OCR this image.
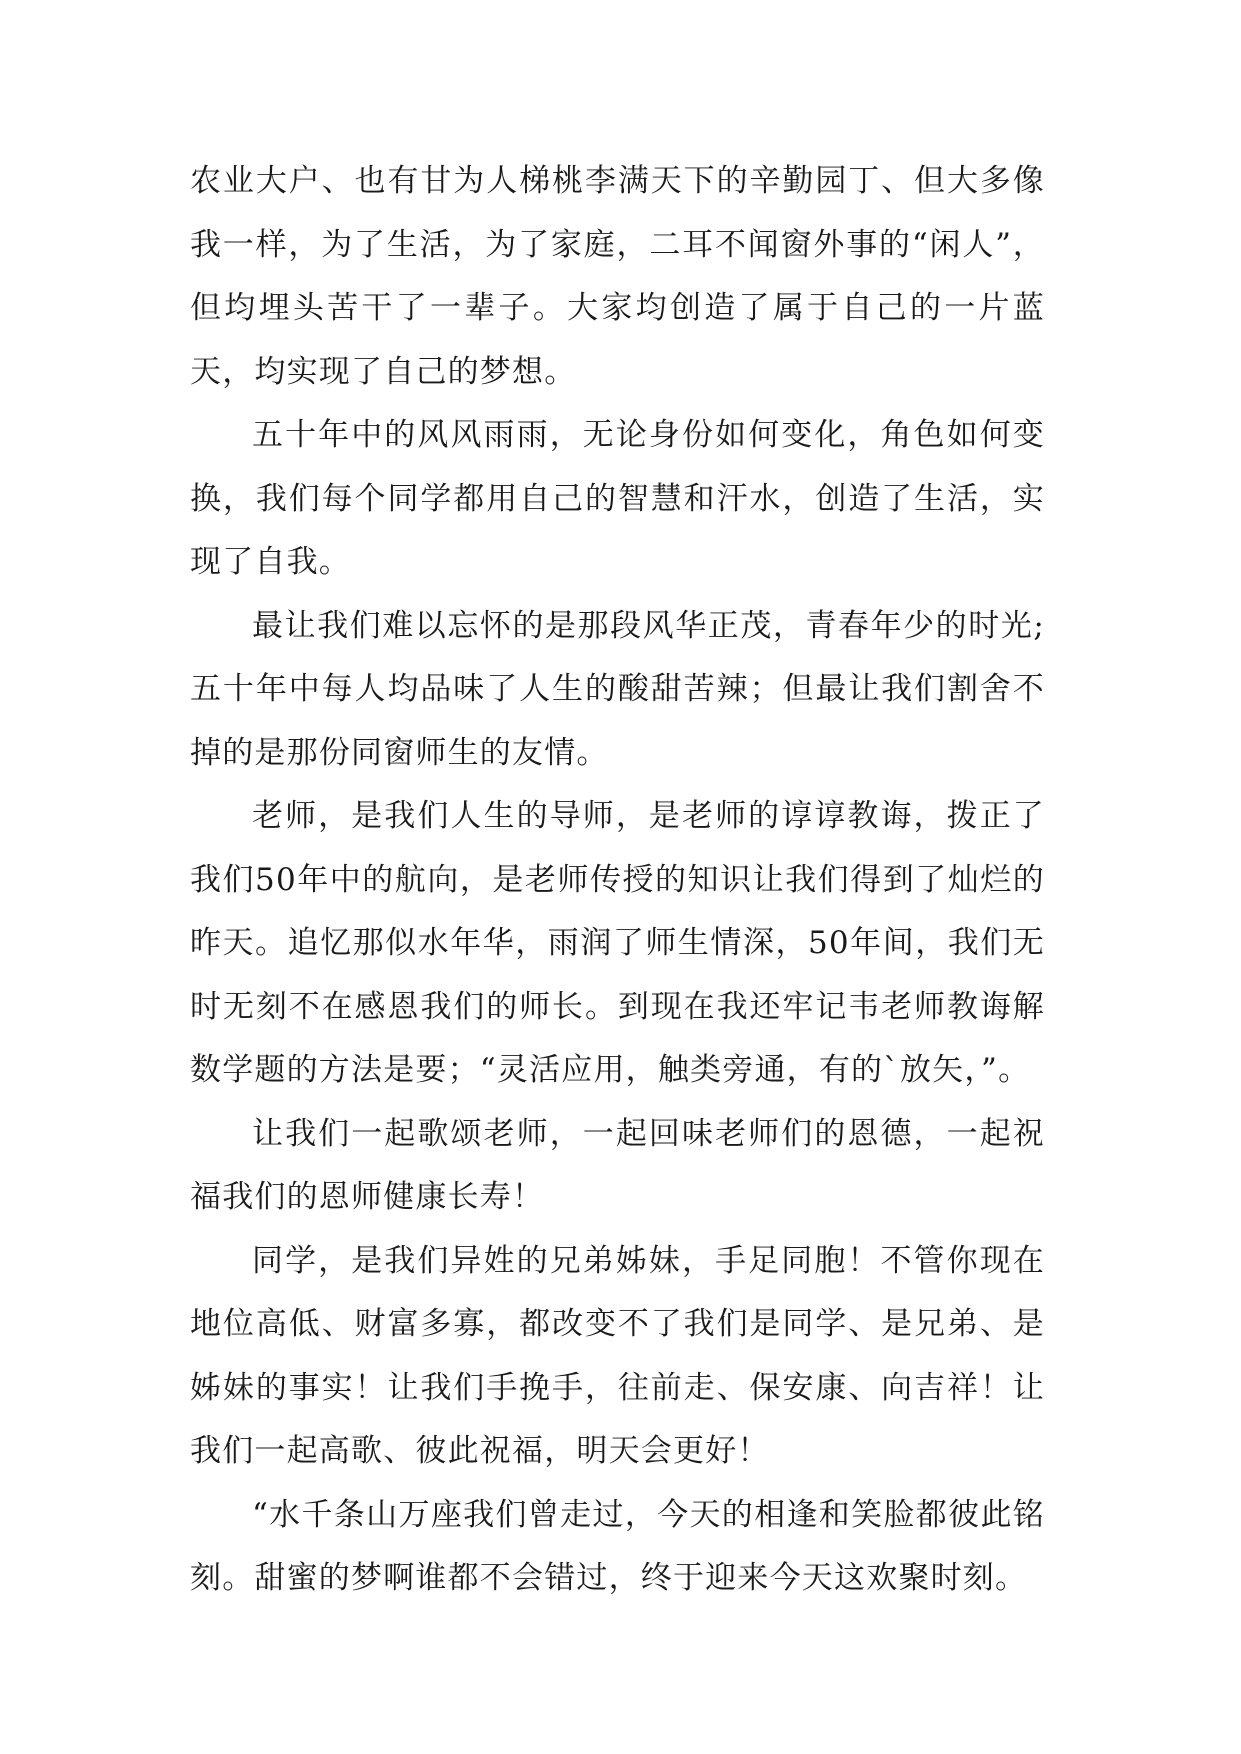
农业大户、也有甘为人梯桃李满天下的辛勤园丁、但大多像我一样，为了生活，为了家庭，二耳不闻窗外事的“闲人”，但均埋头苦干了一辈子。大家均创造了属于自己的一片蓝天，均实现了自己的梦想。

五十年中的风风雨雨，无论身份如何变化，角色如何变换，我们每个同学都用自己的智慧和汗水，创造了生活，实现了自我。

最让我们难以忘怀的是那段风华正茂，青春年少的时光;五十年中每人均品味了人生的酸甜苦辣；但最让我们割舍不掉的是那份同窗师生的友情。

老师，是我们人生的导师，是老师的谆谆教诲，拨正了我们50年中的航向，是老师传授的知识让我们得到了灿烂的昨天。追忆那似水年华，雨润了师生情深，50年间，我们无时无刻不在感恩我们的师长。到现在我还牢记韦老师教诲解数学题的方法是要；“灵活应用，触类旁通，有的`放矢，”。

让我们一起歌颂老师，一起回味老师们的恩德，一起祝福我们的恩师健康长寿！

同学，是我们异姓的兄弟姊妹，手足同胞！不管你现在地位高低、财富多寡，都改变不了我们是同学、是兄弟、是姊妹的事实！让我们手挽手，往前走、保安康、向吉祥！让我们一起高歌、彼此祝福，明天会更好！

“水千条山万座我们曾走过，今天的相逢和笑脸都彼此铭刻。甜蜜的梦啊谁都不会错过，终于迎来今天这欢聚时刻。
